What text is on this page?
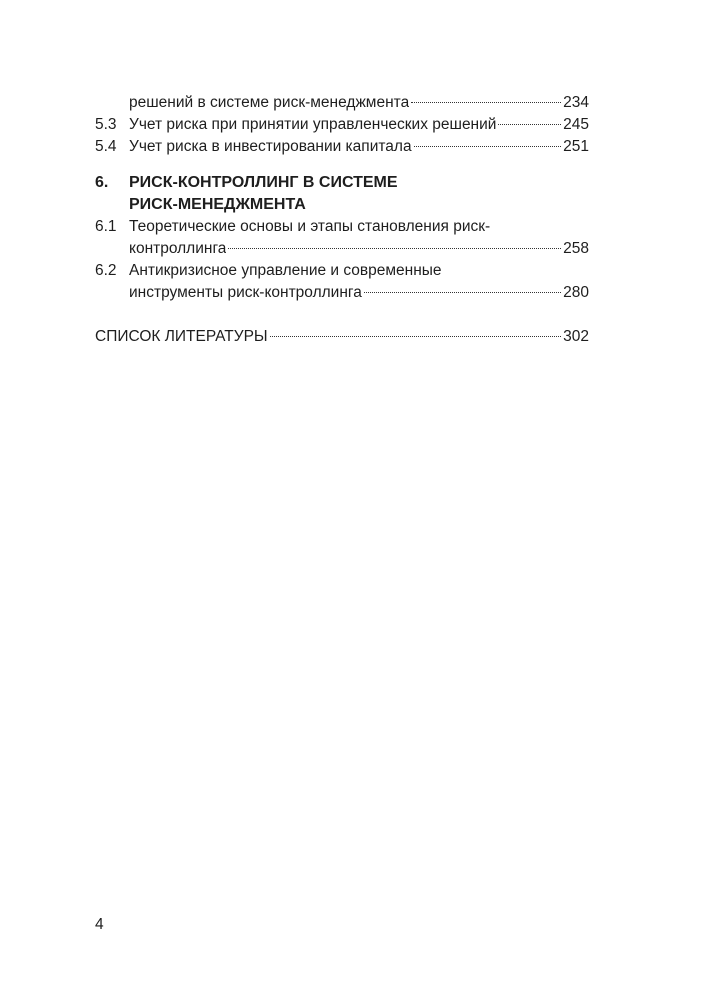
решений в системе риск-менеджмента	234
5.3 Учет риска при принятии управленческих решений	245
5.4 Учет риска в инвестировании капитала	251
6.	РИСК-КОНТРОЛЛИНГ В СИСТЕМЕ
РИСК-МЕНЕДЖМЕНТА
6.1 Теоретические основы и этапы становления риск-
контроллинга	258
6.2 Антикризисное управление и современные
инструменты риск-контроллинга	280
СПИСОК ЛИТЕРАТУРЫ	302
4
